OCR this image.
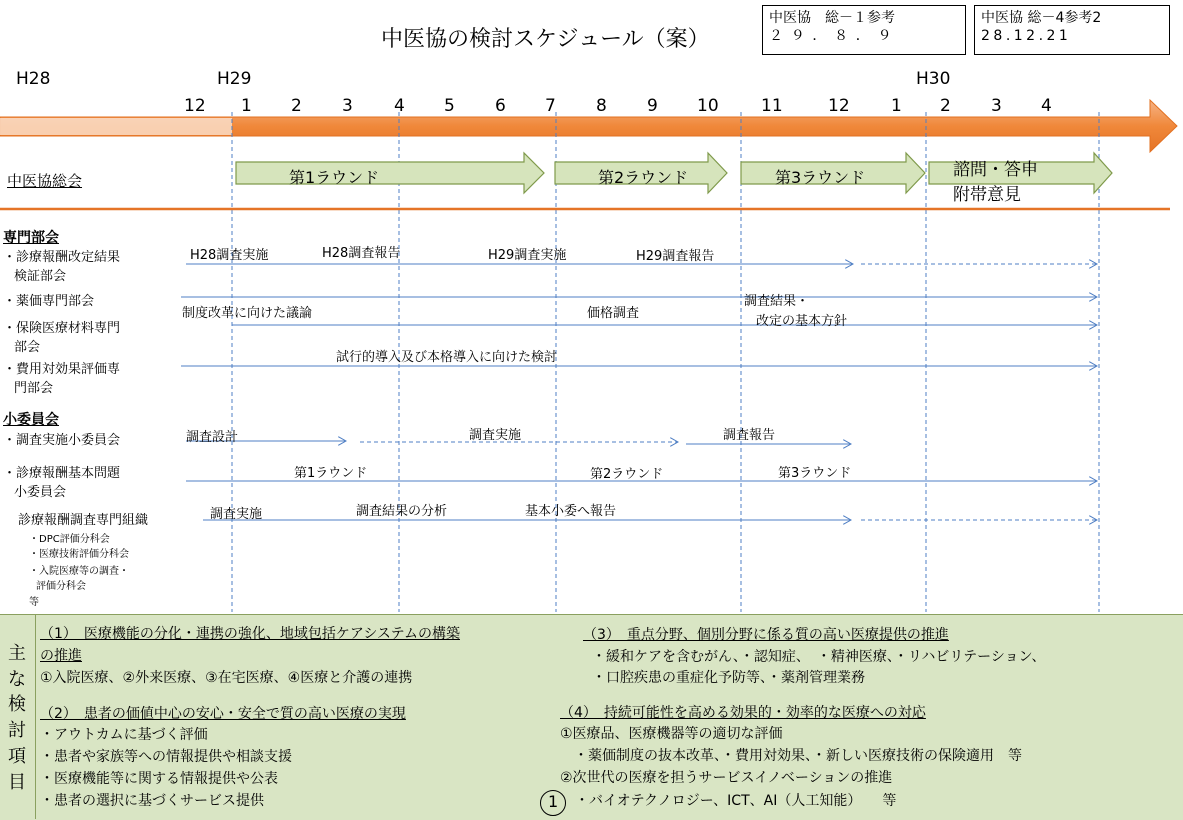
中医協の検討スケジュール（案）
中医協　総－１参考
２９．８．９
中医協 総－4参考2
28.12.21
H28	H29	H30
12 1 2 3 4 5 6 7 8 9 10 11	12 1 2 3 4
中医協総会	第1ラウンド	第2ラウンド	第3ラウンド	諮問・答申
附帯意見
専門部会
・診療報酬改定結果
検証部会
・薬価専門部会
・保険医療材料専門
部会
・費用対効果評価専
門部会
小委員会
・調査実施小委員会
・診療報酬基本問題
小委員会
診療報酬調査専門組織
・DPC評価分科会
・医療技術評価分科会
・入院医療等の調査・
評価分科会
等
H28調査実施	H28調査報告	H29調査実施	H29調査報告
制度改革に向けた議論	価格調査
調査結果・
改定の基本方針
試行的導入及び本格導入に向けた検討
調査設計	調査実施	調査報告
第1ラウンド	第2ラウンド	第3ラウンド
調査実施	調査結果の分析	基本小委へ報告
主
な
検
討
項
目
（1）　医療機能の分化・連携の強化、地域包括ケアシステムの構築
の推進
①入院医療、②外来医療、③在宅医療、④医療と介護の連携
（2）　患者の価値中心の安心・安全で質の高い医療の実現
・アウトカムに基づく評価
・患者や家族等への情報提供や相談支援
・医療機能等に関する情報提供や公表
・患者の選択に基づくサービス提供
（3）　重点分野、個別分野に係る質の高い医療提供の推進
・緩和ケアを含むがん、・認知症、　・精神医療、・リハビリテーション、
・口腔疾患の重症化予防等、・薬剤管理業務
（4）　持続可能性を高める効果的・効率的な医療への対応
①医療品、医療機器等の適切な評価
・薬価制度の抜本改革、・費用対効果、・新しい医療技術の保険適用　等
②次世代の医療を担うサービスイノベーションの推進
・バイオテクノロジー、ICT、AI（人工知能）　　等
1
